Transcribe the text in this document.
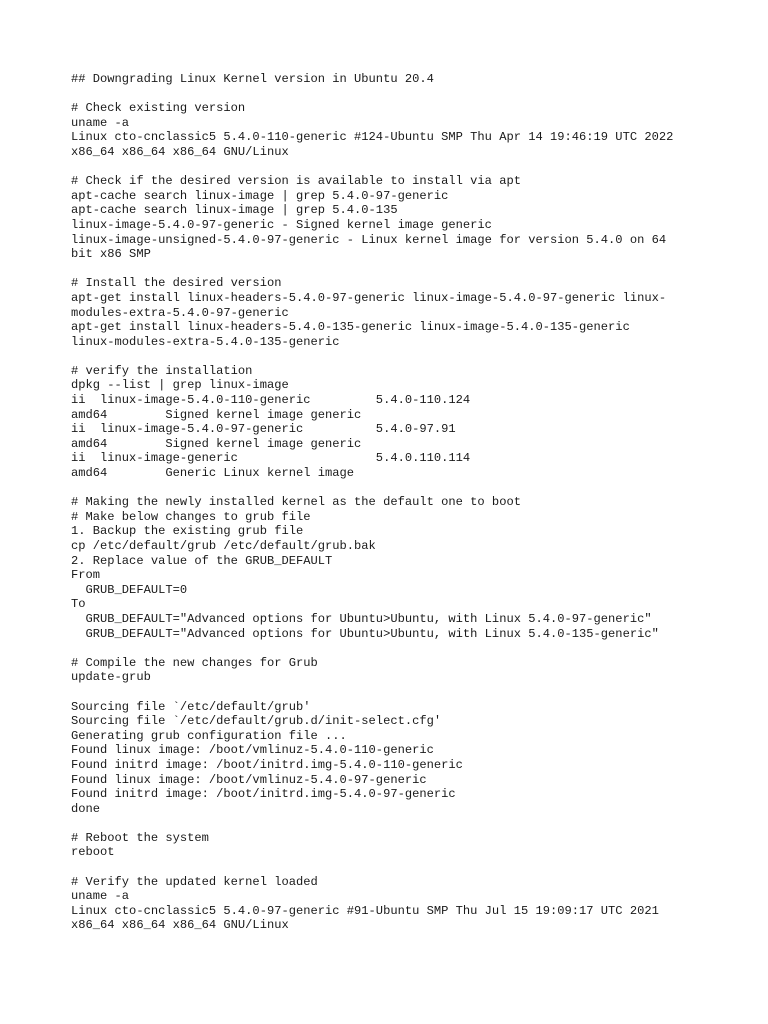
## Downgrading Linux Kernel version in Ubuntu 20.4
# Check existing version
uname -a
Linux cto-cnclassic5 5.4.0-110-generic #124-Ubuntu SMP Thu Apr 14 19:46:19 UTC 2022
x86_64 x86_64 x86_64 GNU/Linux
# Check if the desired version is available to install via apt
apt-cache search linux-image | grep 5.4.0-97-generic
apt-cache search linux-image | grep 5.4.0-135
linux-image-5.4.0-97-generic - Signed kernel image generic
linux-image-unsigned-5.4.0-97-generic - Linux kernel image for version 5.4.0 on 64
bit x86 SMP
# Install the desired version
apt-get install linux-headers-5.4.0-97-generic linux-image-5.4.0-97-generic linux-
modules-extra-5.4.0-97-generic
apt-get install linux-headers-5.4.0-135-generic linux-image-5.4.0-135-generic
linux-modules-extra-5.4.0-135-generic
# verify the installation
dpkg --list | grep linux-image
ii  linux-image-5.4.0-110-generic         5.4.0-110.124
amd64        Signed kernel image generic
ii  linux-image-5.4.0-97-generic          5.4.0-97.91
amd64        Signed kernel image generic
ii  linux-image-generic                   5.4.0.110.114
amd64        Generic Linux kernel image
# Making the newly installed kernel as the default one to boot
# Make below changes to grub file
1. Backup the existing grub file
cp /etc/default/grub /etc/default/grub.bak
2. Replace value of the GRUB_DEFAULT
From
GRUB_DEFAULT=0
To
GRUB_DEFAULT="Advanced options for Ubuntu>Ubuntu, with Linux 5.4.0-97-generic"
GRUB_DEFAULT="Advanced options for Ubuntu>Ubuntu, with Linux 5.4.0-135-generic"
# Compile the new changes for Grub
update-grub
Sourcing file `/etc/default/grub'
Sourcing file `/etc/default/grub.d/init-select.cfg'
Generating grub configuration file ...
Found linux image: /boot/vmlinuz-5.4.0-110-generic
Found initrd image: /boot/initrd.img-5.4.0-110-generic
Found linux image: /boot/vmlinuz-5.4.0-97-generic
Found initrd image: /boot/initrd.img-5.4.0-97-generic
done
# Reboot the system
reboot
# Verify the updated kernel loaded
uname -a
Linux cto-cnclassic5 5.4.0-97-generic #91-Ubuntu SMP Thu Jul 15 19:09:17 UTC 2021
x86_64 x86_64 x86_64 GNU/Linux
